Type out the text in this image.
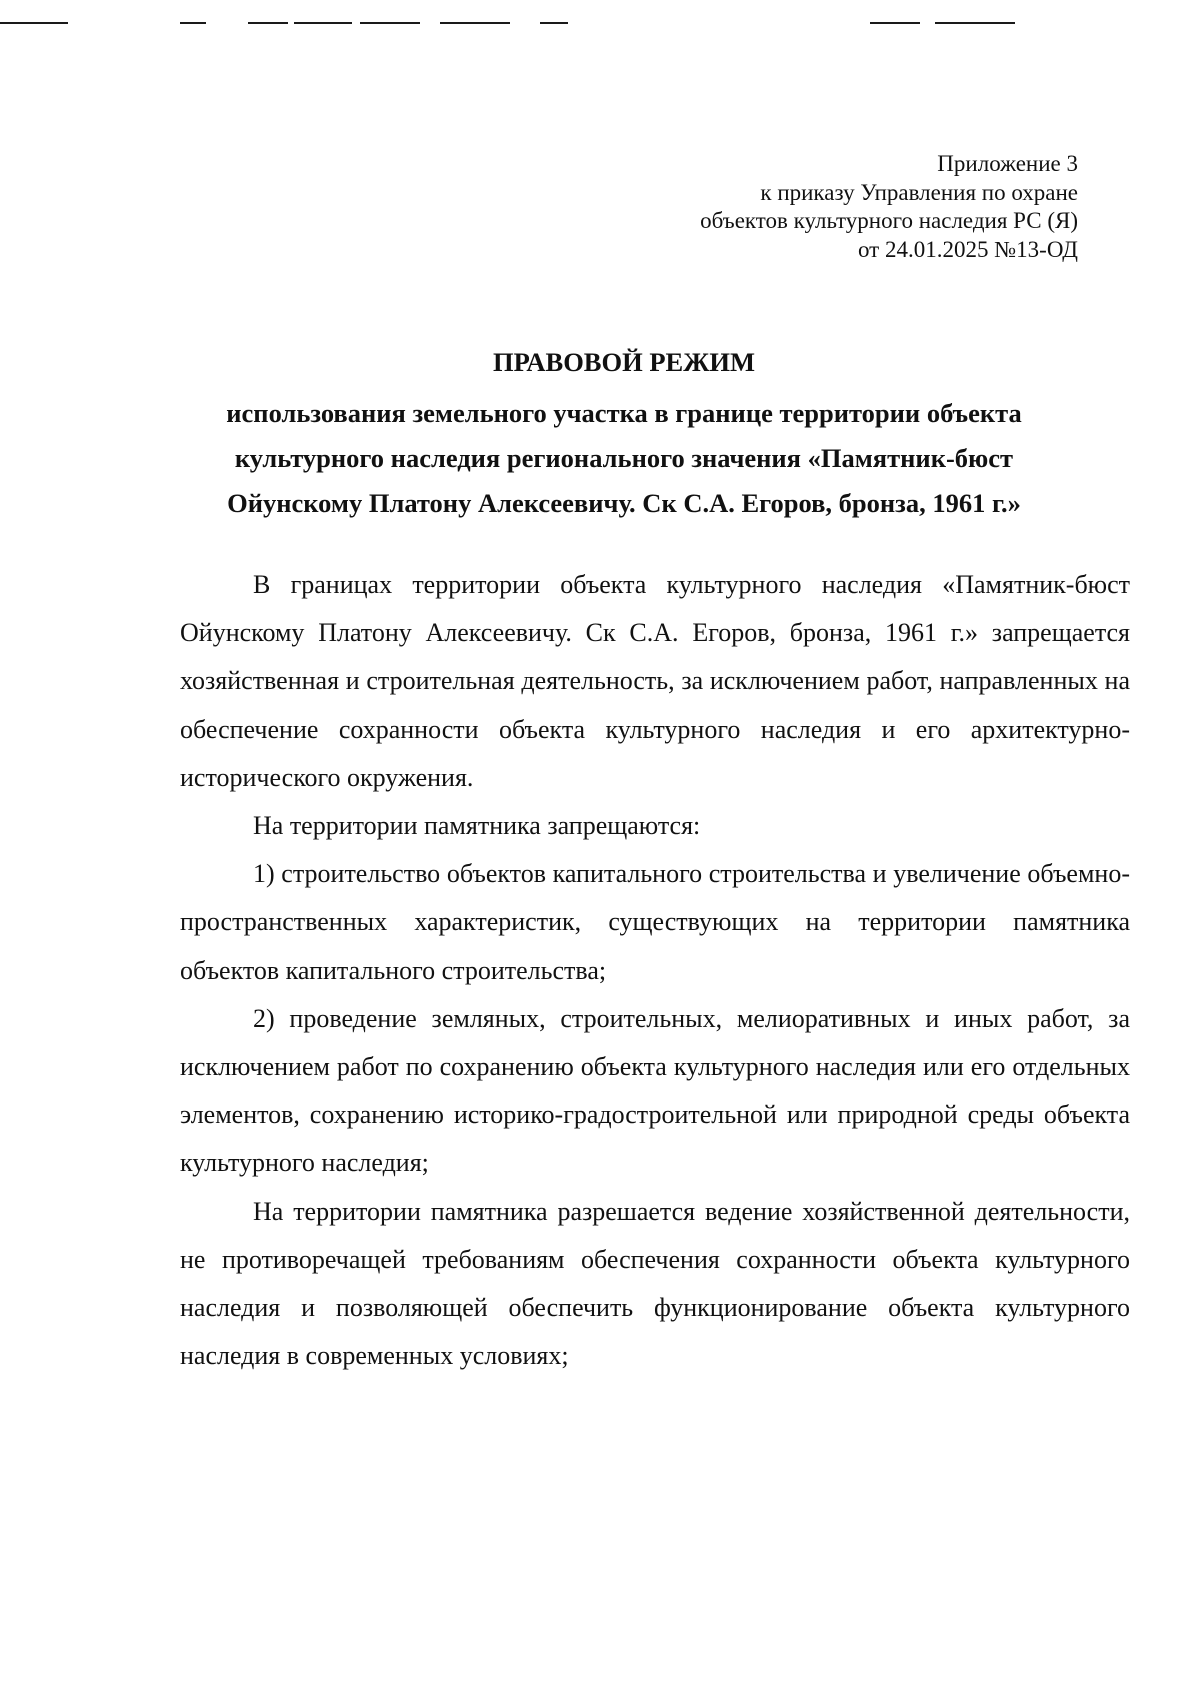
Приложение 3
к приказу Управления по охране
объектов культурного наследия РС (Я)
от 24.01.2025 №13-ОД
ПРАВОВОЙ РЕЖИМ
использования земельного участка в границе территории объекта
культурного наследия регионального значения «Памятник-бюст
Ойунскому Платону Алексеевичу. Ск С.А. Егоров, бронза, 1961 г.»

В границах территории объекта культурного наследия «Памятник-бюст Ойунскому Платону Алексеевичу. Ск С.А. Егоров, бронза, 1961 г.» запрещается хозяйственная и строительная деятельность, за исключением работ, направленных на обеспечение сохранности объекта культурного наследия и его архитектурно-исторического окружения.

На территории памятника запрещаются:

1) строительство объектов капитального строительства и увеличение объемно-пространственных характеристик, существующих на территории памятника объектов капитального строительства;

2) проведение земляных, строительных, мелиоративных и иных работ, за исключением работ по сохранению объекта культурного наследия или его отдельных элементов, сохранению историко-градостроительной или природной среды объекта культурного наследия;

На территории памятника разрешается ведение хозяйственной деятельности, не противоречащей требованиям обеспечения сохранности объекта культурного наследия и позволяющей обеспечить функционирование объекта культурного наследия в современных условиях;
